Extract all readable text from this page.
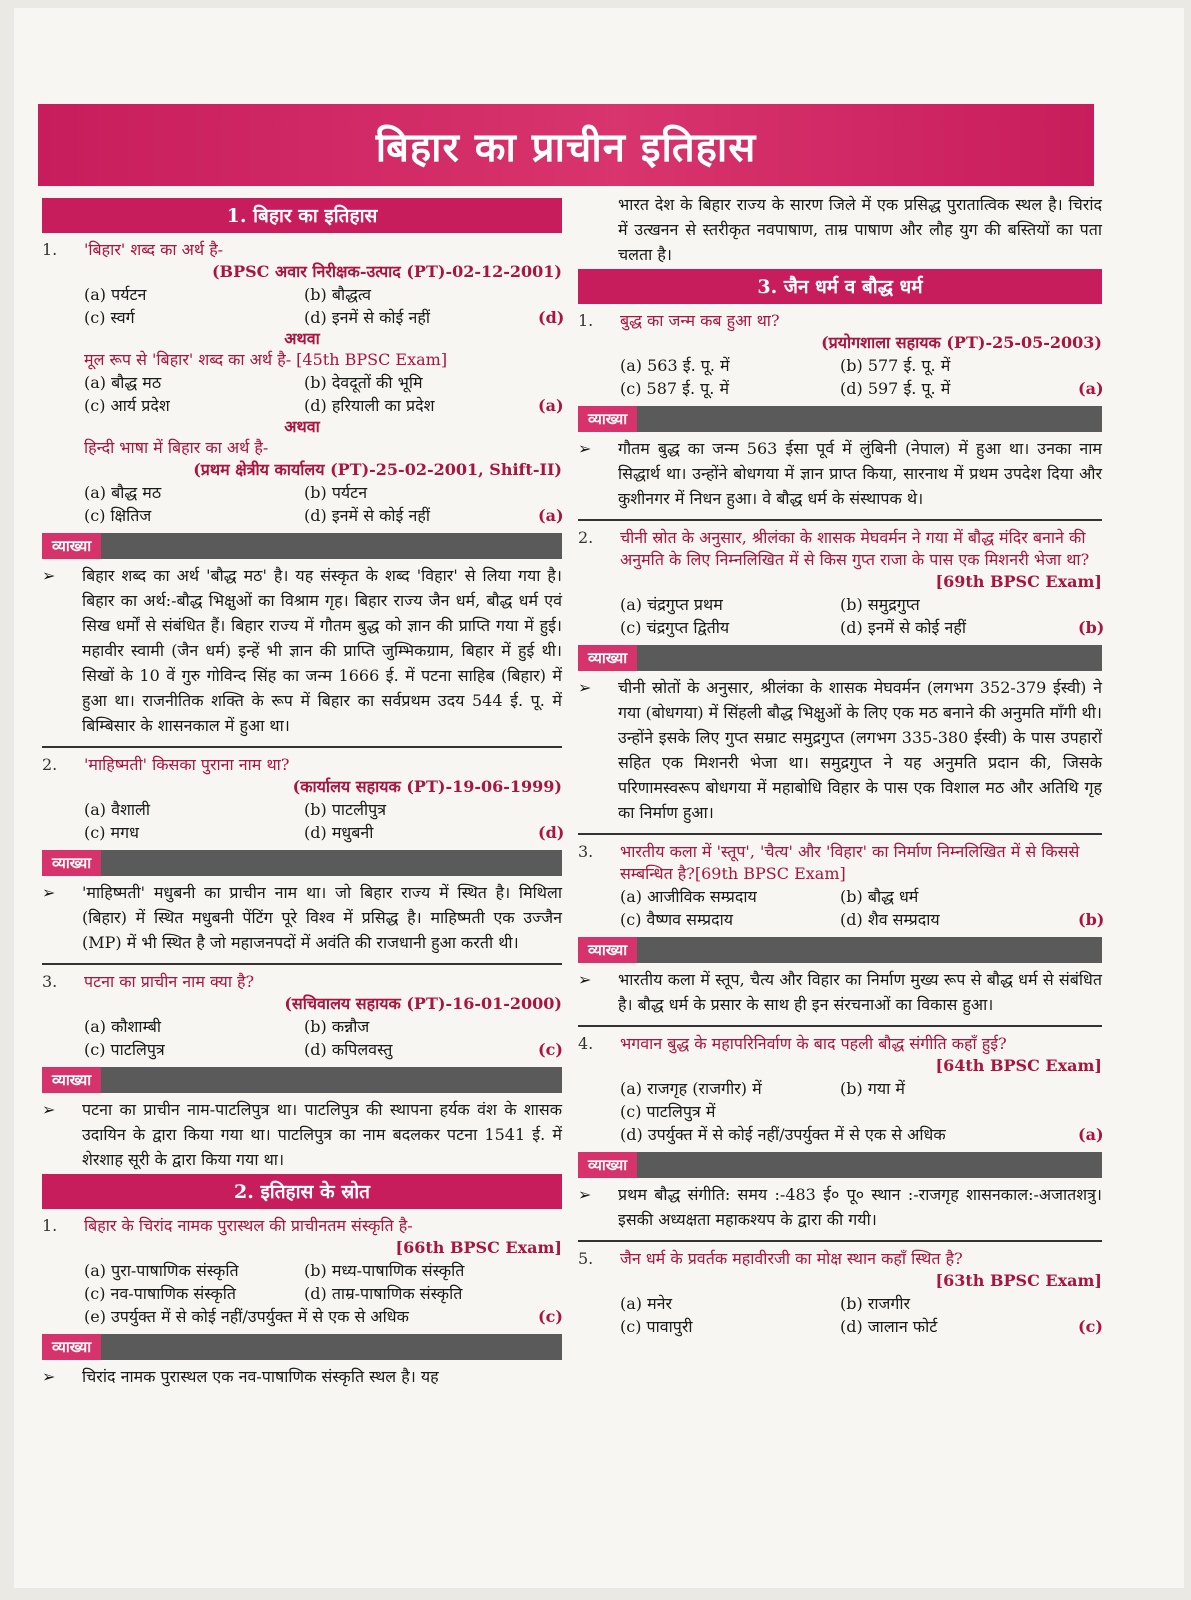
बिहार का प्राचीन इतिहास
1. बिहार का इतिहास
1.	'बिहार' शब्द का अर्थ है-
(BPSC अवार निरीक्षक-उत्पाद (PT)-02-12-2001)
(a) पर्यटन	(b) बौद्धत्व
(c) स्वर्ग	(d) इनमें से कोई नहीं	(d)
अथवा
मूल रूप से 'बिहार' शब्द का अर्थ है- [45th BPSC Exam]
(a) बौद्ध मठ	(b) देवदूतों की भूमि
(c) आर्य प्रदेश	(d) हरियाली का प्रदेश	(a)
अथवा
हिन्दी भाषा में बिहार का अर्थ है-
(प्रथम क्षेत्रीय कार्यालय (PT)-25-02-2001, Shift-II)
(a) बौद्ध मठ	(b) पर्यटन
(c) क्षितिज	(d) इनमें से कोई नहीं	(a)
व्याख्या
➢	बिहार शब्द का अर्थ 'बौद्ध मठ' है। यह संस्कृत के शब्द 'विहार' से लिया गया है। बिहार का अर्थ:-बौद्ध भिक्षुओं का विश्राम गृह। बिहार राज्य जैन धर्म, बौद्ध धर्म एवं सिख धर्मों से संबंधित हैं। बिहार राज्य में गौतम बुद्ध को ज्ञान की प्राप्ति गया में हुई। महावीर स्वामी (जैन धर्म) इन्हें भी ज्ञान की प्राप्ति जुम्भिकग्राम, बिहार में हुई थी। सिखों के 10 वें गुरु गोविन्द सिंह का जन्म 1666 ई. में पटना साहिब (बिहार) में हुआ था। राजनीतिक शक्ति के रूप में बिहार का सर्वप्रथम उदय 544 ई. पू. में बिम्बिसार के शासनकाल में हुआ था।
2.	'माहिष्मती' किसका पुराना नाम था?
(कार्यालय सहायक (PT)-19-06-1999)
(a) वैशाली	(b) पाटलीपुत्र
(c) मगध	(d) मधुबनी	(d)
व्याख्या
➢	'माहिष्मती' मधुबनी का प्राचीन नाम था। जो बिहार राज्य में स्थित है। मिथिला (बिहार) में स्थित मधुबनी पेंटिंग पूरे विश्व में प्रसिद्ध है। माहिष्मती एक उज्जैन (MP) में भी स्थित है जो महाजनपदों में अवंति की राजधानी हुआ करती थी।
3.	पटना का प्राचीन नाम क्या है?
(सचिवालय सहायक (PT)-16-01-2000)
(a) कौशाम्बी	(b) कन्नौज
(c) पाटलिपुत्र	(d) कपिलवस्तु	(c)
व्याख्या
➢	पटना का प्राचीन नाम-पाटलिपुत्र था। पाटलिपुत्र की स्थापना हर्यक वंश के शासक उदायिन के द्वारा किया गया था। पाटलिपुत्र का नाम बदलकर पटना 1541 ई. में शेरशाह सूरी के द्वारा किया गया था।
2. इतिहास के स्रोत
1.	बिहार के चिरांद नामक पुरास्थल की प्राचीनतम संस्कृति है-
[66th BPSC Exam]
(a) पुरा-पाषाणिक संस्कृति	(b) मध्य-पाषाणिक संस्कृति
(c) नव-पाषाणिक संस्कृति	(d) ताम्र-पाषाणिक संस्कृति
(e) उपर्युक्त में से कोई नहीं/उपर्युक्त में से एक से अधिक	(c)
व्याख्या
➢	चिरांद नामक पुरास्थल एक नव-पाषाणिक संस्कृति स्थल है। यह
भारत देश के बिहार राज्य के सारण जिले में एक प्रसिद्ध पुरातात्विक स्थल है। चिरांद में उत्खनन से स्तरीकृत नवपाषाण, ताम्र पाषाण और लौह युग की बस्तियों का पता चलता है।
3. जैन धर्म व बौद्ध धर्म
1.	बुद्ध का जन्म कब हुआ था?
(प्रयोगशाला सहायक (PT)-25-05-2003)
(a) 563 ई. पू. में	(b) 577 ई. पू. में
(c) 587 ई. पू. में	(d) 597 ई. पू. में	(a)
व्याख्या
➢	गौतम बुद्ध का जन्म 563 ईसा पूर्व में लुंबिनी (नेपाल) में हुआ था। उनका नाम सिद्धार्थ था। उन्होंने बोधगया में ज्ञान प्राप्त किया, सारनाथ में प्रथम उपदेश दिया और कुशीनगर में निधन हुआ। वे बौद्ध धर्म के संस्थापक थे।
2.	चीनी स्रोत के अनुसार, श्रीलंका के शासक मेघवर्मन ने गया में बौद्ध मंदिर बनाने की अनुमति के लिए निम्नलिखित में से किस गुप्त राजा के पास एक मिशनरी भेजा था?
[69th BPSC Exam]
(a) चंद्रगुप्त प्रथम	(b) समुद्रगुप्त
(c) चंद्रगुप्त द्वितीय	(d) इनमें से कोई नहीं	(b)
व्याख्या
➢	चीनी स्रोतों के अनुसार, श्रीलंका के शासक मेघवर्मन (लगभग 352-379 ईस्वी) ने गया (बोधगया) में सिंहली बौद्ध भिक्षुओं के लिए एक मठ बनाने की अनुमति माँगी थी। उन्होंने इसके लिए गुप्त सम्राट समुद्रगुप्त (लगभग 335-380 ईस्वी) के पास उपहारों सहित एक मिशनरी भेजा था। समुद्रगुप्त ने यह अनुमति प्रदान की, जिसके परिणामस्वरूप बोधगया में महाबोधि विहार के पास एक विशाल मठ और अतिथि गृह का निर्माण हुआ।
3.	भारतीय कला में 'स्तूप', 'चैत्य' और 'विहार' का निर्माण निम्नलिखित में से किससे सम्बन्धित है?[69th BPSC Exam]
(a) आजीविक सम्प्रदाय	(b) बौद्ध धर्म
(c) वैष्णव सम्प्रदाय	(d) शैव सम्प्रदाय	(b)
व्याख्या
➢	भारतीय कला में स्तूप, चैत्य और विहार का निर्माण मुख्य रूप से बौद्ध धर्म से संबंधित है। बौद्ध धर्म के प्रसार के साथ ही इन संरचनाओं का विकास हुआ।
4.	भगवान बुद्ध के महापरिनिर्वाण के बाद पहली बौद्ध संगीति कहाँ हुई?
[64th BPSC Exam]
(a) राजगृह (राजगीर) में	(b) गया में
(c) पाटलिपुत्र में
(d) उपर्युक्त में से कोई नहीं/उपर्युक्त में से एक से अधिक	(a)
व्याख्या
➢	प्रथम बौद्ध संगीति: समय :-483 ई० पू० स्थान :-राजगृह शासनकाल:-अजातशत्रु। इसकी अध्यक्षता महाकश्यप के द्वारा की गयी।
5.	जैन धर्म के प्रवर्तक महावीरजी का मोक्ष स्थान कहाँ स्थित है?
[63th BPSC Exam]
(a) मनेर	(b) राजगीर
(c) पावापुरी	(d) जालान फोर्ट	(c)
